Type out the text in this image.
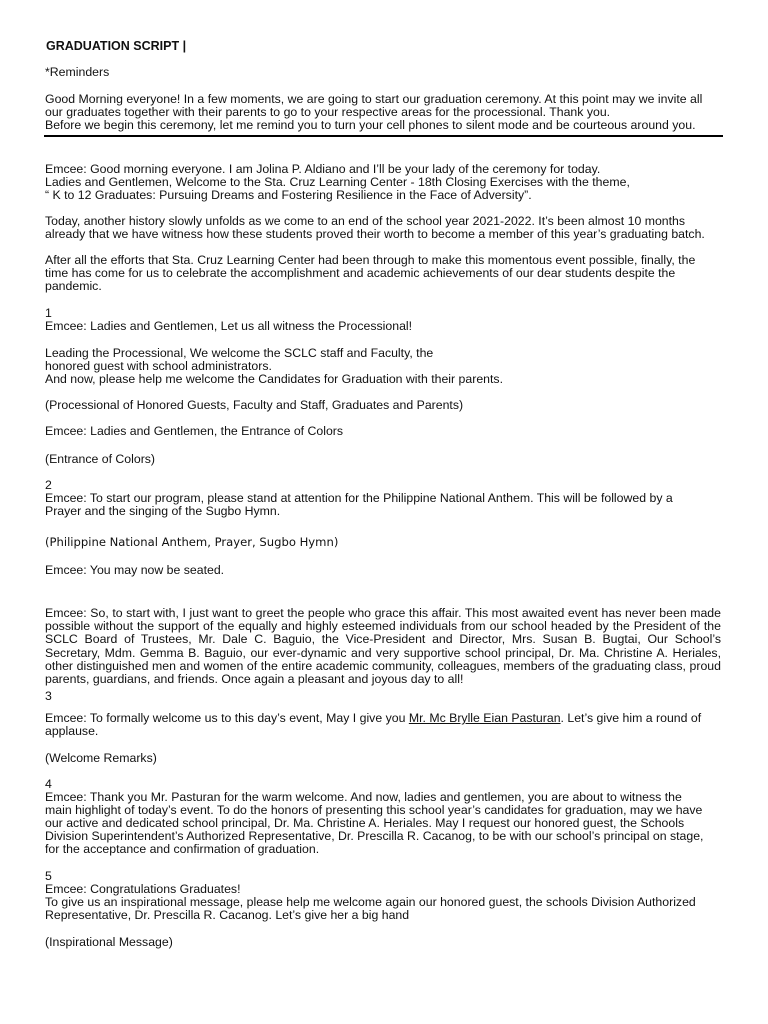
GRADUATION SCRIPT |
*Reminders
Good Morning everyone! In a few moments, we are going to start our graduation ceremony. At this point may we invite all
our graduates together with their parents to go to your respective areas for the processional. Thank you.
Before we begin this ceremony, let me remind you to turn your cell phones to silent mode and be courteous around you.
Emcee: Good morning everyone. I am Jolina P. Aldiano and I’ll be your lady of the ceremony for today.
Ladies and Gentlemen, Welcome to the Sta. Cruz Learning Center - 18th Closing Exercises with the theme,
“ K to 12 Graduates: Pursuing Dreams and Fostering Resilience in the Face of Adversity”.
Today, another history slowly unfolds as we come to an end of the school year 2021-2022. It’s been almost 10 months
already that we have witness how these students proved their worth to become a member of this year’s graduating batch.
After all the efforts that Sta. Cruz Learning Center had been through to make this momentous event possible, finally, the
time has come for us to celebrate the accomplishment and academic achievements of our dear students despite the
pandemic.
1
Emcee: Ladies and Gentlemen, Let us all witness the Processional!
Leading the Processional, We welcome the SCLC staff and Faculty, the
honored guest with school administrators.
And now, please help me welcome the Candidates for Graduation with their parents.
(Processional of Honored Guests, Faculty and Staff, Graduates and Parents)
Emcee: Ladies and Gentlemen, the Entrance of Colors
(Entrance of Colors)
2
Emcee: To start our program, please stand at attention for the Philippine National Anthem. This will be followed by a
Prayer and the singing of the Sugbo Hymn.
(Philippine National Anthem, Prayer, Sugbo Hymn)
Emcee: You may now be seated.
Emcee: So, to start with, I just want to greet the people who grace this affair. This most awaited event has never been made possible without the support of the equally and highly esteemed individuals from our school headed by the President of the SCLC Board of Trustees, Mr. Dale C. Baguio, the Vice-President and Director, Mrs. Susan B. Bugtai, Our School’s Secretary, Mdm. Gemma B. Baguio, our ever-dynamic and very supportive school principal, Dr. Ma. Christine A. Heriales, other distinguished men and women of the entire academic community, colleagues, members of the graduating class, proud parents, guardians, and friends. Once again a pleasant and joyous day to all!
3
Emcee: To formally welcome us to this day’s event, May I give you Mr. Mc Brylle Eian Pasturan. Let’s give him a round of
applause.
(Welcome Remarks)
4
Emcee: Thank you Mr. Pasturan for the warm welcome. And now, ladies and gentlemen, you are about to witness the
main highlight of today’s event. To do the honors of presenting this school year’s candidates for graduation, may we have
our active and dedicated school principal, Dr. Ma. Christine A. Heriales. May I request our honored guest, the Schools
Division Superintendent’s Authorized Representative, Dr. Prescilla R. Cacanog, to be with our school’s principal on stage,
for the acceptance and confirmation of graduation.
5
Emcee: Congratulations Graduates!
To give us an inspirational message, please help me welcome again our honored guest, the schools Division Authorized
Representative, Dr. Prescilla R. Cacanog. Let’s give her a big hand
(Inspirational Message)
